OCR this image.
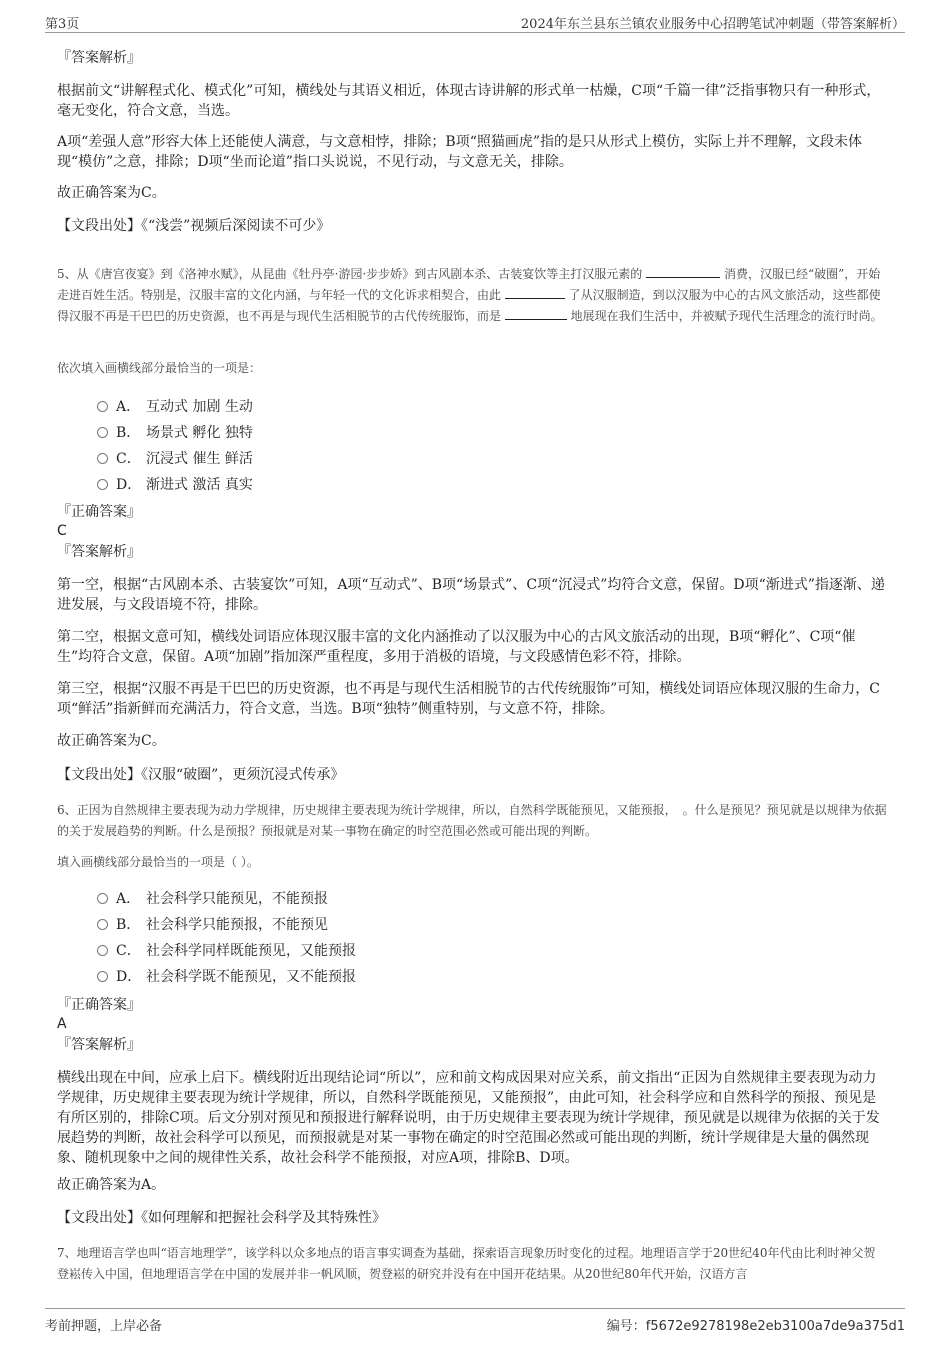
第3页	2024年东兰县东兰镇农业服务中心招聘笔试冲刺题（带答案解析）
『答案解析』
根据前文“讲解程式化、模式化”可知，横线处与其语义相近，体现古诗讲解的形式单一枯燥，C项“千篇一律”泛指事物只有一种形式，毫无变化，符合文意，当选。
A项“差强人意”形容大体上还能使人满意，与文意相悖，排除；B项“照猫画虎”指的是只从形式上模仿，实际上并不理解，文段未体现“模仿”之意，排除；D项“坐而论道”指口头说说，不见行动，与文意无关，排除。
故正确答案为C。
【文段出处】《“浅尝”视频后深阅读不可少》
5、从《唐宫夜宴》到《洛神水赋》，从昆曲《牡丹亭·游园·步步娇》到古风剧本杀、古装宴饮等主打汉服元素的	消费，汉服已经“破圈”，开始走进百姓生活。特别是，汉服丰富的文化内涵，与年轻一代的文化诉求相契合，由此	了从汉服制造，到以汉服为中心的古风文旅活动，这些都使得汉服不再是干巴巴的历史资源，也不再是与现代生活相脱节的古代传统服饰，而是	地展现在我们生活中，并被赋予现代生活理念的流行时尚。
依次填入画横线部分最恰当的一项是：
A． 互动式 加剧 生动
B． 场景式 孵化 独特
C． 沉浸式 催生 鲜活
D． 渐进式 激活 真实
『正确答案』
C
『答案解析』
第一空，根据“古风剧本杀、古装宴饮”可知，A项“互动式”、B项“场景式”、C项“沉浸式”均符合文意，保留。D项“渐进式”指逐渐、递进发展，与文段语境不符，排除。
第二空，根据文意可知，横线处词语应体现汉服丰富的文化内涵推动了以汉服为中心的古风文旅活动的出现，B项“孵化”、C项“催生”均符合文意，保留。A项“加剧”指加深严重程度，多用于消极的语境，与文段感情色彩不符，排除。
第三空，根据“汉服不再是干巴巴的历史资源，也不再是与现代生活相脱节的古代传统服饰”可知，横线处词语应体现汉服的生命力，C项“鲜活”指新鲜而充满活力，符合文意，当选。B项“独特”侧重特别，与文意不符，排除。
故正确答案为C。
【文段出处】《汉服“破圈”，更须沉浸式传承》
6、正因为自然规律主要表现为动力学规律，历史规律主要表现为统计学规律，所以，自然科学既能预见，又能预报，　。什么是预见？预见就是以规律为依据的关于发展趋势的判断。什么是预报？预报就是对某一事物在确定的时空范围必然或可能出现的判断。
填入画横线部分最恰当的一项是（ ）。
A． 社会科学只能预见，不能预报
B． 社会科学只能预报，不能预见
C． 社会科学同样既能预见，又能预报
D． 社会科学既不能预见，又不能预报
『正确答案』
A
『答案解析』
横线出现在中间，应承上启下。横线附近出现结论词“所以”，应和前文构成因果对应关系，前文指出“正因为自然规律主要表现为动力学规律，历史规律主要表现为统计学规律，所以，自然科学既能预见，又能预报”，由此可知，社会科学应和自然科学的预报、预见是有所区别的，排除C项。后文分别对预见和预报进行解释说明，由于历史规律主要表现为统计学规律，预见就是以规律为依据的关于发展趋势的判断，故社会科学可以预见，而预报就是对某一事物在确定的时空范围必然或可能出现的判断，统计学规律是大量的偶然现象、随机现象中之间的规律性关系，故社会科学不能预报，对应A项，排除B、D项。
故正确答案为A。
【文段出处】《如何理解和把握社会科学及其特殊性》
7、地理语言学也叫“语言地理学”，该学科以众多地点的语言事实调查为基础，探索语言现象历时变化的过程。地理语言学于20世纪40年代由比利时神父贺登崧传入中国，但地理语言学在中国的发展并非一帆风顺，贺登崧的研究并没有在中国开花结果。从20世纪80年代开始，汉语方言
考前押题，上岸必备	编号：f5672e9278198e2eb3100a7de9a375d1
